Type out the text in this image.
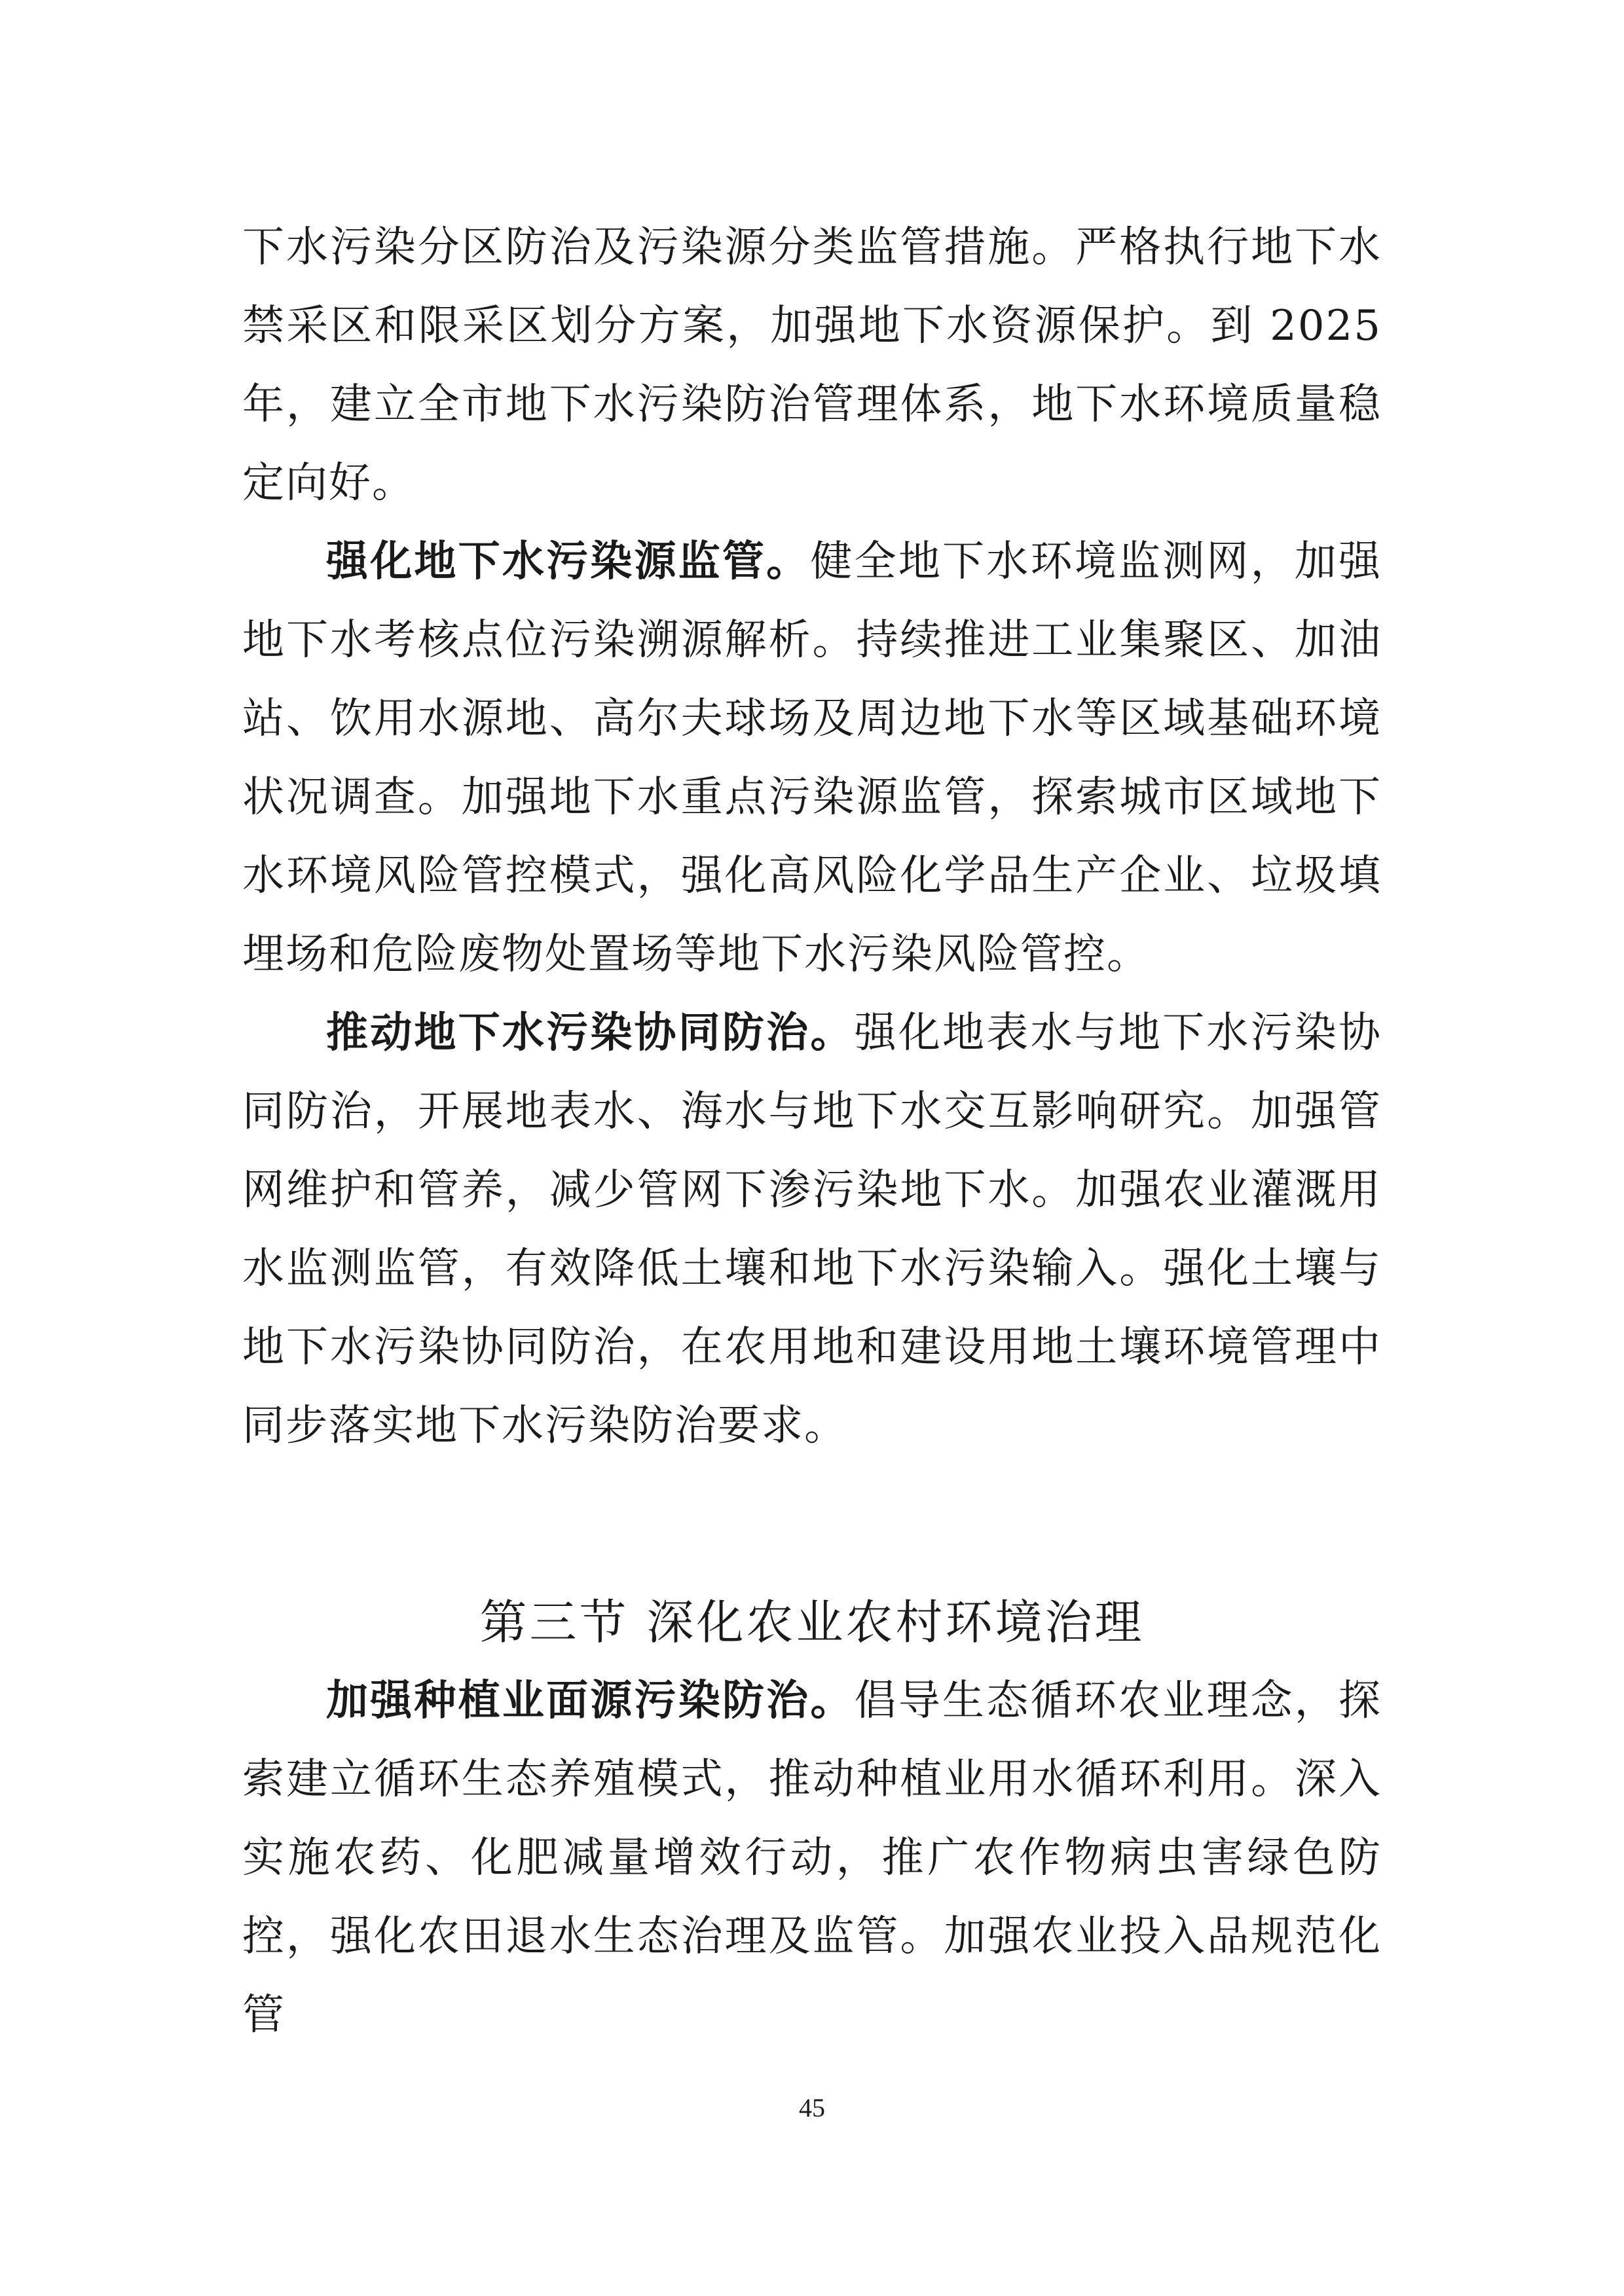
下水污染分区防治及污染源分类监管措施。严格执行地下水禁采区和限采区划分方案，加强地下水资源保护。到 2025 年，建立全市地下水污染防治管理体系，地下水环境质量稳定向好。

强化地下水污染源监管。健全地下水环境监测网，加强地下水考核点位污染溯源解析。持续推进工业集聚区、加油站、饮用水源地、高尔夫球场及周边地下水等区域基础环境状况调查。加强地下水重点污染源监管，探索城市区域地下水环境风险管控模式，强化高风险化学品生产企业、垃圾填埋场和危险废物处置场等地下水污染风险管控。

推动地下水污染协同防治。强化地表水与地下水污染协同防治，开展地表水、海水与地下水交互影响研究。加强管网维护和管养，减少管网下渗污染地下水。加强农业灌溉用水监测监管，有效降低土壤和地下水污染输入。强化土壤与地下水污染协同防治，在农用地和建设用地土壤环境管理中同步落实地下水污染防治要求。

第三节 深化农业农村环境治理

加强种植业面源污染防治。倡导生态循环农业理念，探索建立循环生态养殖模式，推动种植业用水循环利用。深入实施农药、化肥减量增效行动，推广农作物病虫害绿色防控，强化农田退水生态治理及监管。加强农业投入品规范化管

45
